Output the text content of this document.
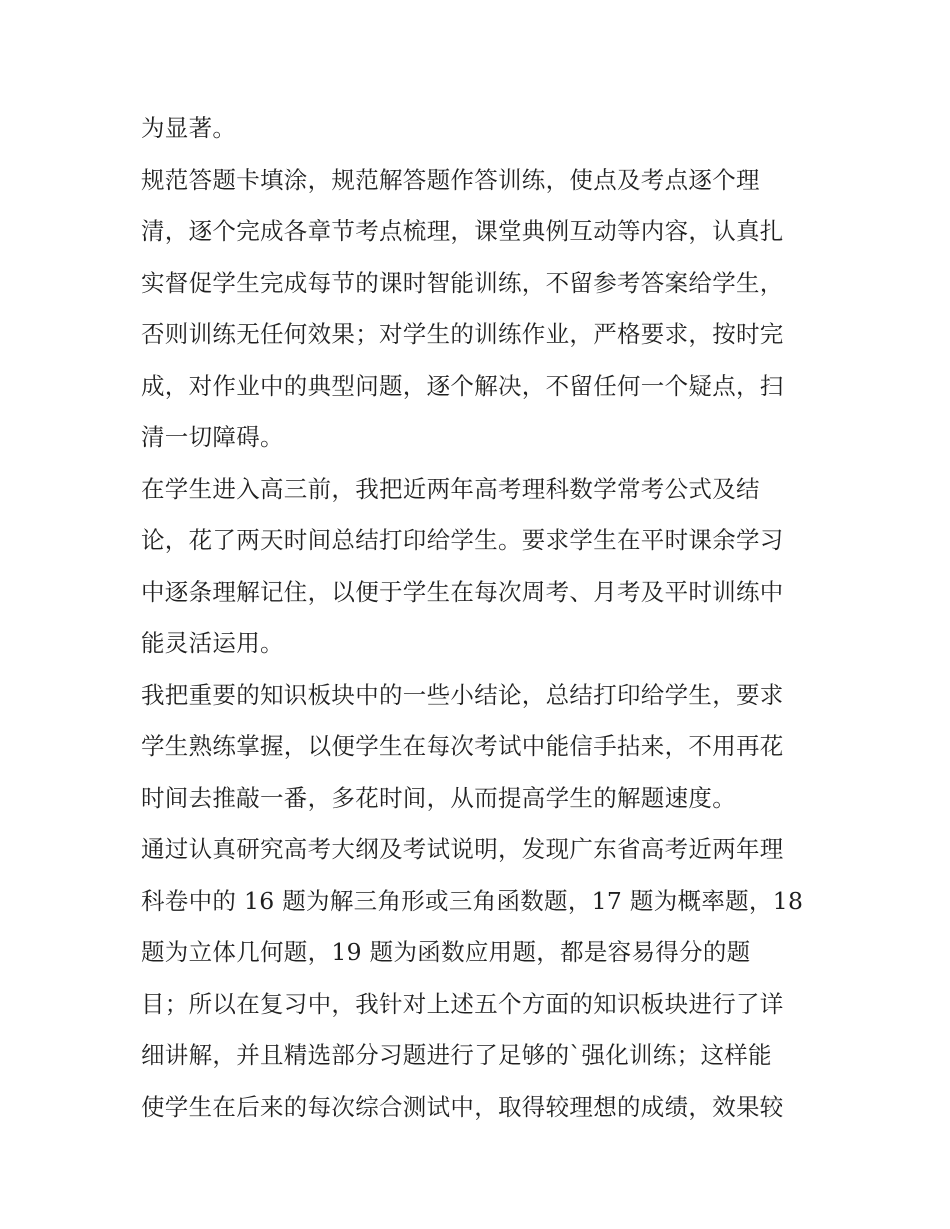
为显著。
规范答题卡填涂，规范解答题作答训练，使点及考点逐个理
清，逐个完成各章节考点梳理，课堂典例互动等内容，认真扎
实督促学生完成每节的课时智能训练，不留参考答案给学生，
否则训练无任何效果；对学生的训练作业，严格要求，按时完
成，对作业中的典型问题，逐个解决，不留任何一个疑点，扫
清一切障碍。
在学生进入高三前，我把近两年高考理科数学常考公式及结
论，花了两天时间总结打印给学生。要求学生在平时课余学习
中逐条理解记住，以便于学生在每次周考、月考及平时训练中
能灵活运用。
我把重要的知识板块中的一些小结论，总结打印给学生，要求
学生熟练掌握，以便学生在每次考试中能信手拈来，不用再花
时间去推敲一番，多花时间，从而提高学生的解题速度。
通过认真研究高考大纲及考试说明，发现广东省高考近两年理
科卷中的 16 题为解三角形或三角函数题，17 题为概率题，18
题为立体几何题，19 题为函数应用题，都是容易得分的题
目；所以在复习中，我针对上述五个方面的知识板块进行了详
细讲解，并且精选部分习题进行了足够的`强化训练；这样能
使学生在后来的每次综合测试中，取得较理想的成绩，效果较
